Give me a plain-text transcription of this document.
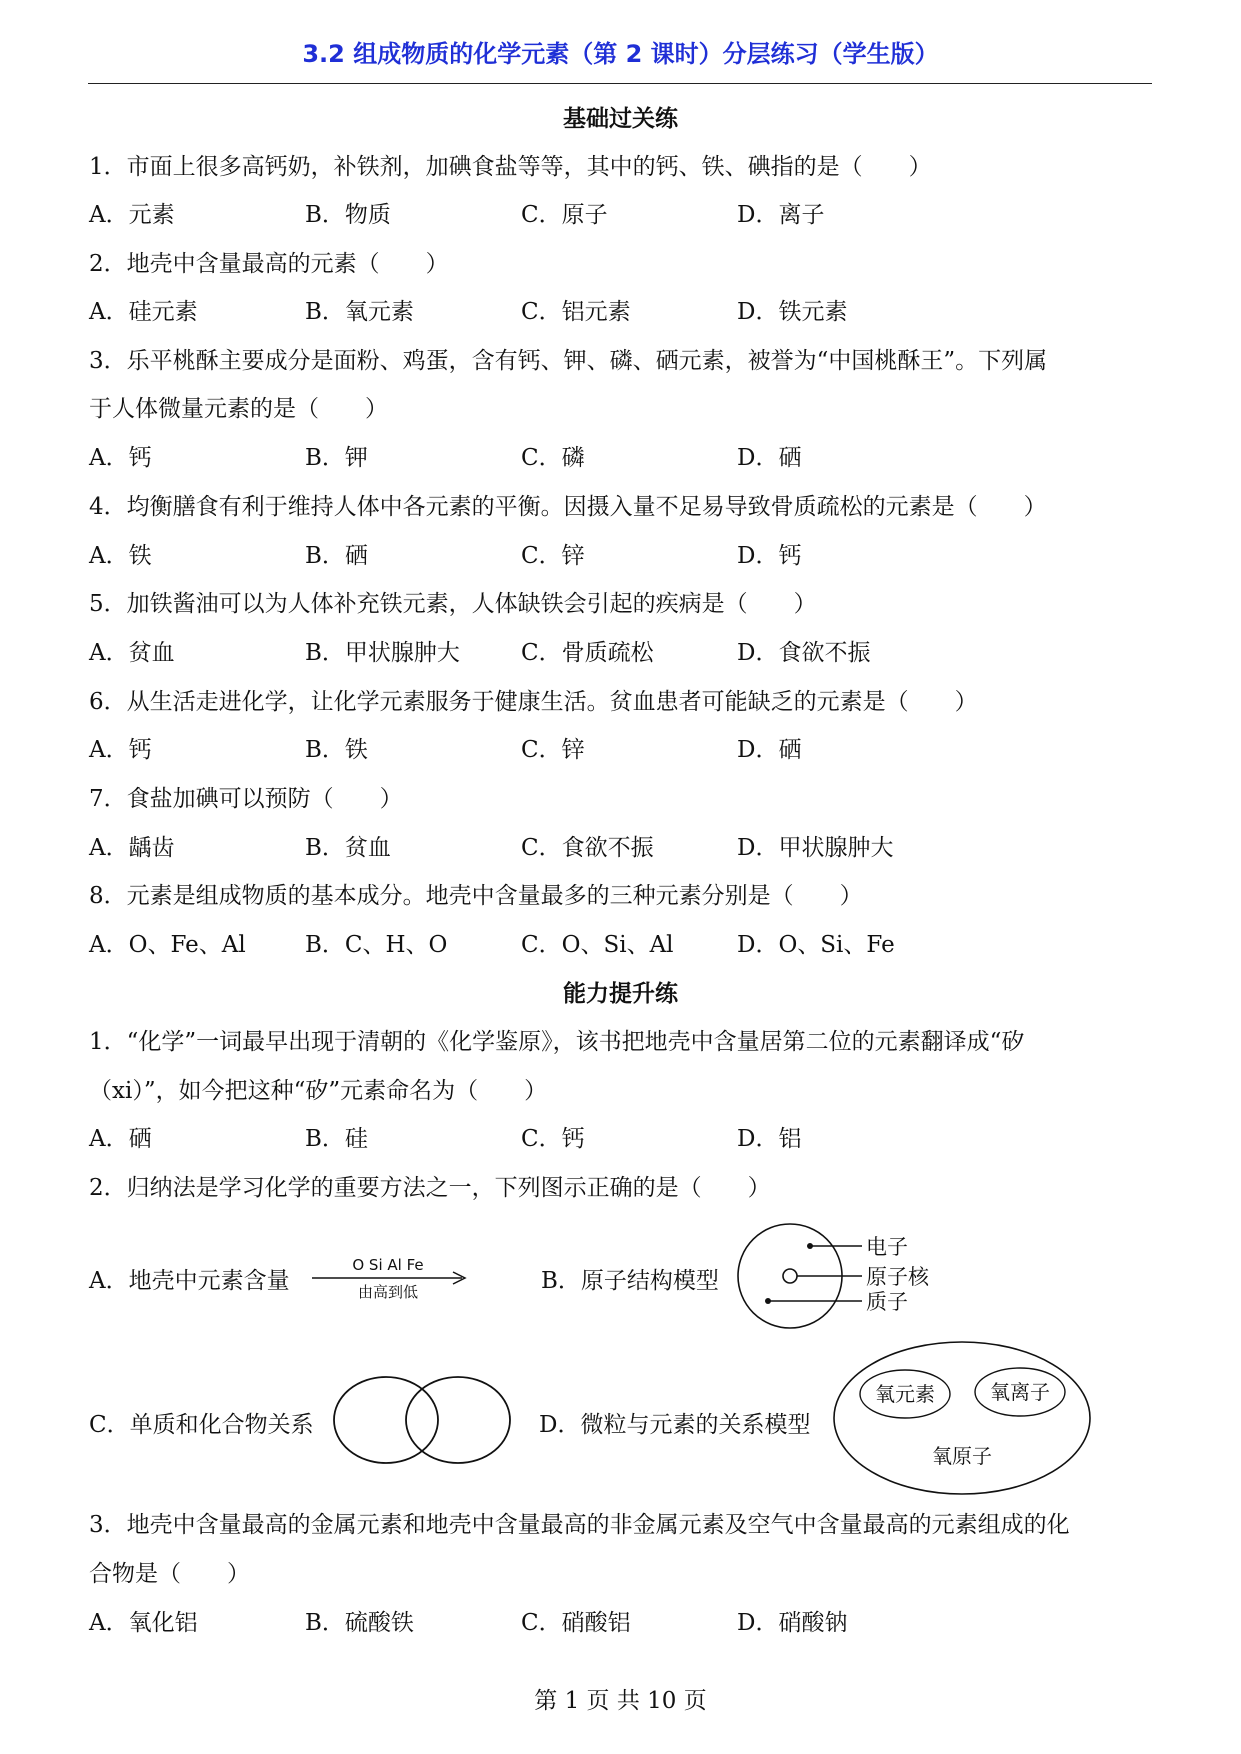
3.2 组成物质的化学元素（第 2 课时）分层练习（学生版）
基础过关练
1．市面上很多高钙奶，补铁剂，加碘食盐等等，其中的钙、铁、碘指的是（　　）
A．元素	B．物质	C．原子	D．离子
2．地壳中含量最高的元素（　　）
A．硅元素	B．氧元素	C．铝元素	D．铁元素
3．乐平桃酥主要成分是面粉、鸡蛋，含有钙、钾、磷、硒元素，被誉为“中国桃酥王”。下列属
于人体微量元素的是（　　）
A．钙	B．钾	C．磷	D．硒
4．均衡膳食有利于维持人体中各元素的平衡。因摄入量不足易导致骨质疏松的元素是（　　）
A．铁	B．硒	C．锌	D．钙
5．加铁酱油可以为人体补充铁元素，人体缺铁会引起的疾病是（　　）
A．贫血	B．甲状腺肿大	C．骨质疏松	D．食欲不振
6．从生活走进化学，让化学元素服务于健康生活。贫血患者可能缺乏的元素是（　　）
A．钙	B．铁	C．锌	D．硒
7．食盐加碘可以预防（　　）
A．龋齿	B．贫血	C．食欲不振	D．甲状腺肿大
8．元素是组成物质的基本成分。地壳中含量最多的三种元素分别是（　　）
A．O、Fe、Al	B．C、H、O	C．O、Si、Al	D．O、Si、Fe
能力提升练
1．“化学”一词最早出现于清朝的《化学鉴原》，该书把地壳中含量居第二位的元素翻译成“矽
（xi）”，如今把这种“矽”元素命名为（　　）
A．硒	B．硅	C．钙	D．铝
2．归纳法是学习化学的重要方法之一，下列图示正确的是（　　）
A．地壳中元素含量
O Si Al Fe
由高到低	B．原子结构模型
电子
原子核
质子
C．单质和化合物关系	D．微粒与元素的关系模型
氧元素	氧离子
氧原子
3．地壳中含量最高的金属元素和地壳中含量最高的非金属元素及空气中含量最高的元素组成的化
合物是（　　）
A．氧化铝	B．硫酸铁	C．硝酸铝	D．硝酸钠
第 1 页 共 10 页
